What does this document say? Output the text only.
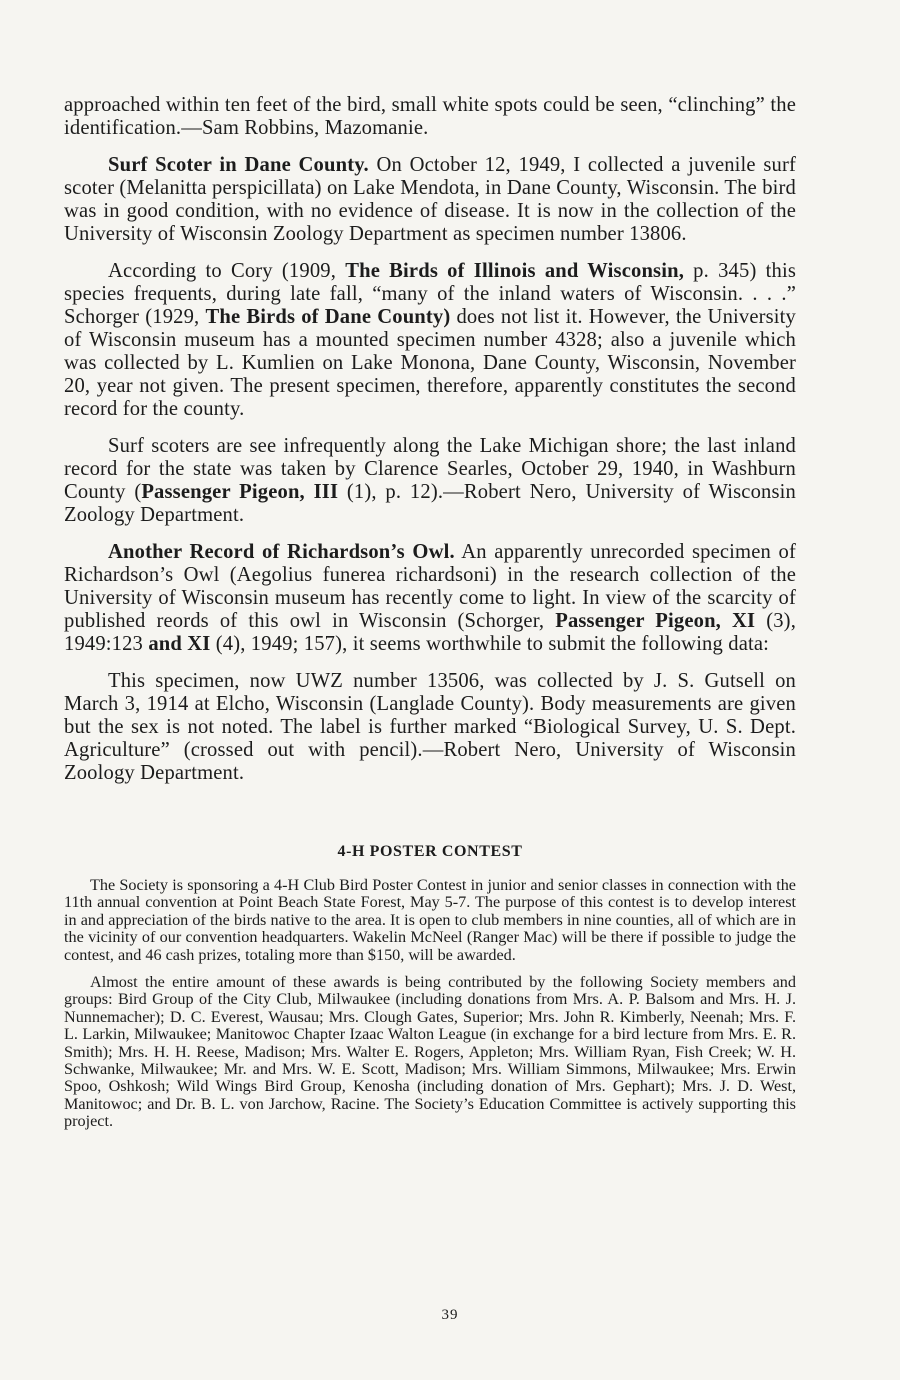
approached within ten feet of the bird, small white spots could be seen, “clinching” the identification.—Sam Robbins, Mazomanie.

Surf Scoter in Dane County. On October 12, 1949, I collected a juvenile surf scoter (Melanitta perspicillata) on Lake Mendota, in Dane County, Wisconsin. The bird was in good condition, with no evidence of disease. It is now in the collection of the University of Wisconsin Zoology Department as specimen number 13806.

According to Cory (1909, The Birds of Illinois and Wisconsin, p. 345) this species frequents, during late fall, “many of the inland waters of Wisconsin. . . .” Schorger (1929, The Birds of Dane County) does not list it. However, the University of Wisconsin museum has a mounted specimen number 4328; also a juvenile which was collected by L. Kumlien on Lake Monona, Dane County, Wisconsin, November 20, year not given. The present specimen, therefore, apparently constitutes the second record for the county.

Surf scoters are see infrequently along the Lake Michigan shore; the last inland record for the state was taken by Clarence Searles, October 29, 1940, in Washburn County (Passenger Pigeon, III (1), p. 12).—Robert Nero, University of Wisconsin Zoology Department.

Another Record of Richardson’s Owl. An apparently unrecorded specimen of Richardson’s Owl (Aegolius funerea richardsoni) in the research collection of the University of Wisconsin museum has recently come to light. In view of the scarcity of published reords of this owl in Wisconsin (Schorger, Passenger Pigeon, XI (3), 1949:123 and XI (4), 1949; 157), it seems worthwhile to submit the following data:

This specimen, now UWZ number 13506, was collected by J. S. Gutsell on March 3, 1914 at Elcho, Wisconsin (Langlade County). Body measurements are given but the sex is not noted. The label is further marked “Biological Survey, U. S. Dept. Agriculture” (crossed out with pencil).—Robert Nero, University of Wisconsin Zoology Department.

4-H POSTER CONTEST

The Society is sponsoring a 4-H Club Bird Poster Contest in junior and senior classes in connection with the 11th annual convention at Point Beach State Forest, May 5-7. The purpose of this contest is to develop interest in and appreciation of the birds native to the area. It is open to club members in nine counties, all of which are in the vicinity of our convention headquarters. Wakelin McNeel (Ranger Mac) will be there if possible to judge the contest, and 46 cash prizes, totaling more than $150, will be awarded.

Almost the entire amount of these awards is being contributed by the following Society members and groups: Bird Group of the City Club, Milwaukee (including donations from Mrs. A. P. Balsom and Mrs. H. J. Nunnemacher); D. C. Everest, Wausau; Mrs. Clough Gates, Superior; Mrs. John R. Kimberly, Neenah; Mrs. F. L. Larkin, Milwaukee; Manitowoc Chapter Izaac Walton League (in exchange for a bird lecture from Mrs. E. R. Smith); Mrs. H. H. Reese, Madison; Mrs. Walter E. Rogers, Appleton; Mrs. William Ryan, Fish Creek; W. H. Schwanke, Milwaukee; Mr. and Mrs. W. E. Scott, Madison; Mrs. William Simmons, Milwaukee; Mrs. Erwin Spoo, Oshkosh; Wild Wings Bird Group, Kenosha (including donation of Mrs. Gephart); Mrs. J. D. West, Manitowoc; and Dr. B. L. von Jarchow, Racine. The Society’s Education Committee is actively supporting this project.

39
